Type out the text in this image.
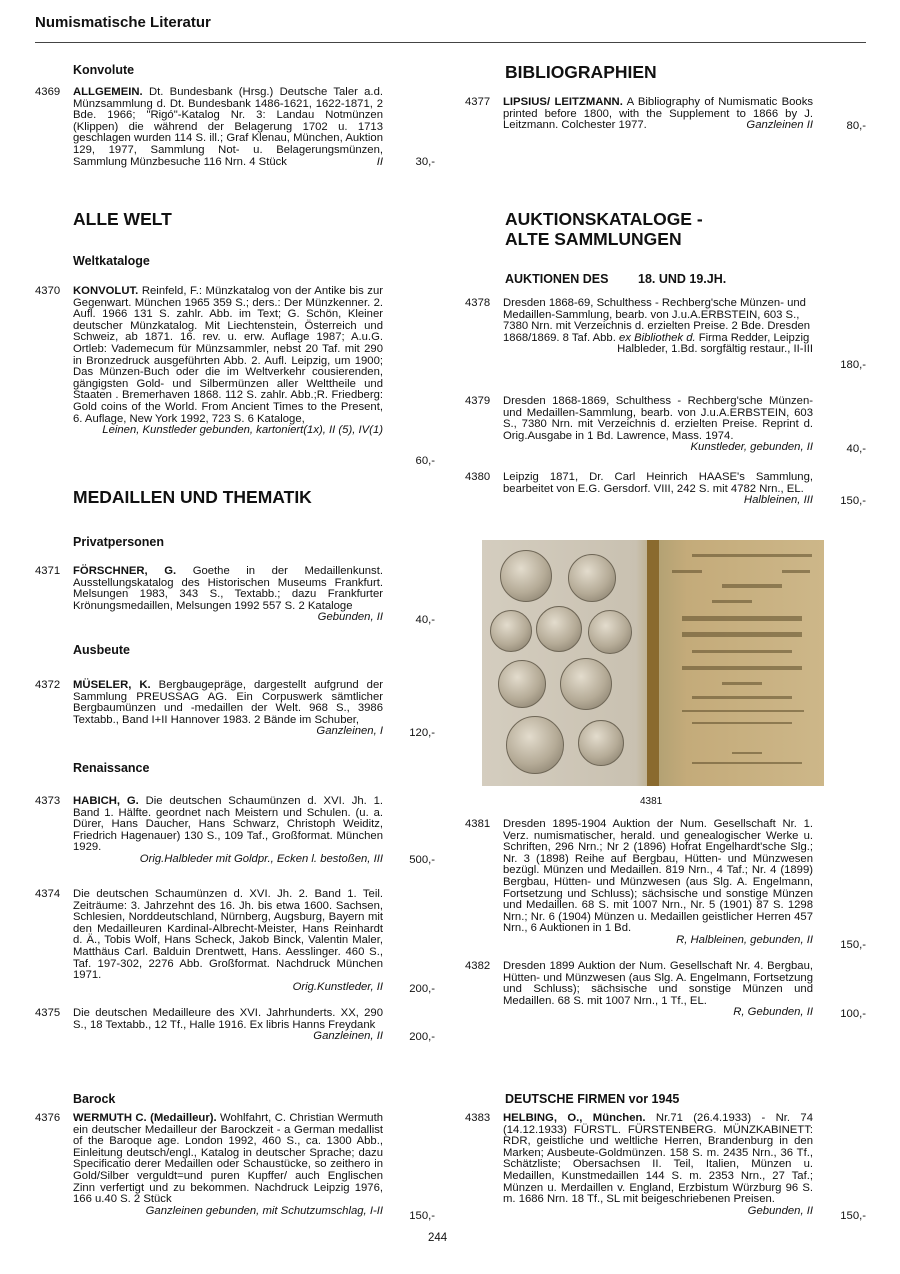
Numismatische Literatur
Konvolute
4369	ALLGEMEIN. Dt. Bundesbank (Hrsg.) Deutsche Taler a.d. Münzsammlung d. Dt. Bundesbank 1486-1621, 1622-1871, 2 Bde. 1966; "Rigó"-Katalog Nr. 3: Landau Notmünzen (Klippen) die während der Belagerung 1702 u. 1713 geschlagen wurden 114 S. ill.; Graf Klenau, München, Auktion 129, 1977, Sammlung Not- u. Belagerungsmünzen, Sammlung Münzbesuche 116 Nrn. 4 Stück	II	30,-
ALLE WELT
Weltkataloge
4370	KONVOLUT. Reinfeld, F.: Münzkatalog von der Antike bis zur Gegenwart. München 1965 359 S.; ders.: Der Münzkenner. 2. Aufl. 1966 131 S. zahlr. Abb. im Text; G. Schön, Kleiner deutscher Münzkatalog. Mit Liechtenstein, Österreich und Schweiz, ab 1871. 16. rev. u. erw. Auflage 1987; A.u.G. Ortleb: Vademecum für Münzsammler, nebst 20 Taf. mit 290 in Bronzedruck ausgeführten Abb. 2. Aufl. Leipzig, um 1900; Das Münzen-Buch oder die im Weltverkehr cousierenden, gängigsten Gold- und Silbermünzen aller Welttheile und Staaten . Bremerhaven 1868. 112 S. zahlr. Abb.;R. Friedberg: Gold coins of the World. From Ancient Times to the Present, 6. Auflage, New York 1992, 723 S. 6 Kataloge,
Leinen, Kunstleder gebunden, kartoniert(1x), II (5), IV(1)
60,-
MEDAILLEN UND THEMATIK
Privatpersonen
4371	FÖRSCHNER, G. Goethe in der Medaillenkunst. Ausstellungskatalog des Historischen Museums Frankfurt. Melsungen 1983, 343 S., Textabb.; dazu Frankfurter Krönungsmedaillen, Melsungen 1992 557 S. 2 Kataloge
Gebunden, II	40,-
Ausbeute
4372	MÜSELER, K. Bergbaugepräge, dargestellt aufgrund der Sammlung PREUSSAG AG. Ein Corpuswerk sämtlicher Bergbaumünzen und -medaillen der Welt. 968 S., 3986 Textabb., Band I+II Hannover 1983. 2 Bände im Schuber,
Ganzleinen, I	120,-
Renaissance
4373	HABICH, G. Die deutschen Schaumünzen d. XVI. Jh. 1. Band 1. Hälfte. geordnet nach Meistern und Schulen. (u. a. Dürer, Hans Daucher, Hans Schwarz, Christoph Weiditz, Friedrich Hagenauer) 130 S., 109 Taf., Großformat. München 1929.
Orig.Halbleder mit Goldpr., Ecken l. bestoßen, III	500,-
4374	Die deutschen Schaumünzen d. XVI. Jh. 2. Band 1. Teil. Zeiträume: 3. Jahrzehnt des 16. Jh. bis etwa 1600. Sachsen, Schlesien, Norddeutschland, Nürnberg, Augsburg, Bayern mit den Medailleuren Kardinal-Albrecht-Meister, Hans Reinhardt d. Ä., Tobis Wolf, Hans Scheck, Jakob Binck, Valentin Maler, Matthäus Carl. Balduin Drentwett, Hans. Aesslinger. 460 S., Taf. 197-302, 2276 Abb. Großformat. Nachdruck München 1971.
Orig.Kunstleder, II	200,-
4375	Die deutschen Medailleure des XVI. Jahrhunderts. XX, 290 S., 18 Textabb., 12 Tf., Halle 1916. Ex libris Hanns Freydank
Ganzleinen, II	200,-
Barock
4376	WERMUTH C. (Medailleur). Wohlfahrt, C. Christian Wermuth ein deutscher Medailleur der Barockzeit - a German medallist of the Baroque age. London 1992, 460 S., ca. 1300 Abb., Einleitung deutsch/engl., Katalog in deutscher Sprache; dazu Specificatio derer Medaillen oder Schaustücke, so zeithero in Gold/Silber verguldt=und puren Kupffer/ auch Englischen Zinn verfertigt und zu bekommen. Nachdruck Leipzig 1976, 166 u.40 S. 2 Stück
Ganzleinen gebunden, mit Schutzumschlag, I-II	150,-
BIBLIOGRAPHIEN
4377	LIPSIUS/ LEITZMANN. A Bibliography of Numismatic Books printed before 1800, with the Supplement to 1866 by J. Leitzmann. Colchester 1977.	Ganzleinen II	80,-
AUKTIONSKATALOGE -
ALTE SAMMLUNGEN
AUKTIONEN DES 18. UND 19.JH.
4378	Dresden 1868-69, Schulthess - Rechberg'sche Münzen- und Medaillen-Sammlung, bearb. von J.u.A.ERBSTEIN, 603 S., 7380 Nrn. mit Verzeichnis d. erzielten Preise. 2 Bde. Dresden 1868/1869. 8 Taf. Abb. ex Bibliothek d. Firma Redder, Leipzig
Halbleder, 1.Bd. sorgfältig restaur., II-III
180,-
4379	Dresden 1868-1869, Schulthess - Rechberg'sche Münzen- und Medaillen-Sammlung, bearb. von J.u.A.ERBSTEIN, 603 S., 7380 Nrn. mit Verzeichnis d. erzielten Preise. Reprint d. Orig.Ausgabe in 1 Bd. Lawrence, Mass. 1974.
Kunstleder, gebunden, II	40,-
4380	Leipzig 1871, Dr. Carl Heinrich HAASE's Sammlung, bearbeitet von E.G. Gersdorf. VIII, 242 S. mit 4782 Nrn., EL.
Halbleinen, III	150,-
4381	Dresden 1895-1904 Auktion der Num. Gesellschaft Nr. 1. Verz. numismatischer, herald. und genealogischer Werke u. Schriften, 296 Nrn.; Nr 2 (1896) Hofrat Engelhardt'sche Slg.; Nr. 3 (1898) Reihe auf Bergbau, Hütten- und Münzwesen bezügl. Münzen und Medaillen. 819 Nrn., 4 Taf.; Nr. 4 (1899) Bergbau, Hütten- und Münzwesen (aus Slg. A. Engelmann, Fortsetzung und Schluss); sächsische und sonstige Münzen und Medaillen. 68 S. mit 1007 Nrn., Nr. 5 (1901) 87 S. 1298 Nrn.; Nr. 6 (1904) Münzen u. Medaillen geistlicher Herren 457 Nrn., 6 Auktionen in 1 Bd.
R, Halbleinen, gebunden, II	150,-
4382	Dresden 1899 Auktion der Num. Gesellschaft Nr. 4. Bergbau, Hütten- und Münzwesen (aus Slg. A. Engelmann, Fortsetzung und Schluss); sächsische und sonstige Münzen und Medaillen. 68 S. mit 1007 Nrn., 1 Tf., EL.
R, Gebunden, II	100,-
DEUTSCHE FIRMEN vor 1945
4383	HELBING, O., München. Nr.71 (26.4.1933) - Nr. 74 (14.12.1933) FÜRSTL. FÜRSTENBERG. MÜNZKABINETT: RDR, geistliche und weltliche Herren, Brandenburg in den Marken; Ausbeute-Goldmünzen. 158 S. m. 2435 Nrn., 36 Tf., Schätzliste; Obersachsen II. Teil, Italien, Münzen u. Medaillen, Kunstmedaillen 144 S. m. 2353 Nrn., 27 Taf.; Münzen u. Merdaillen v. England, Erzbistum Würzburg 96 S. m. 1686 Nrn. 18 Tf., SL mit beigeschriebenen Preisen.
Gebunden, II	150,-
4381
244
